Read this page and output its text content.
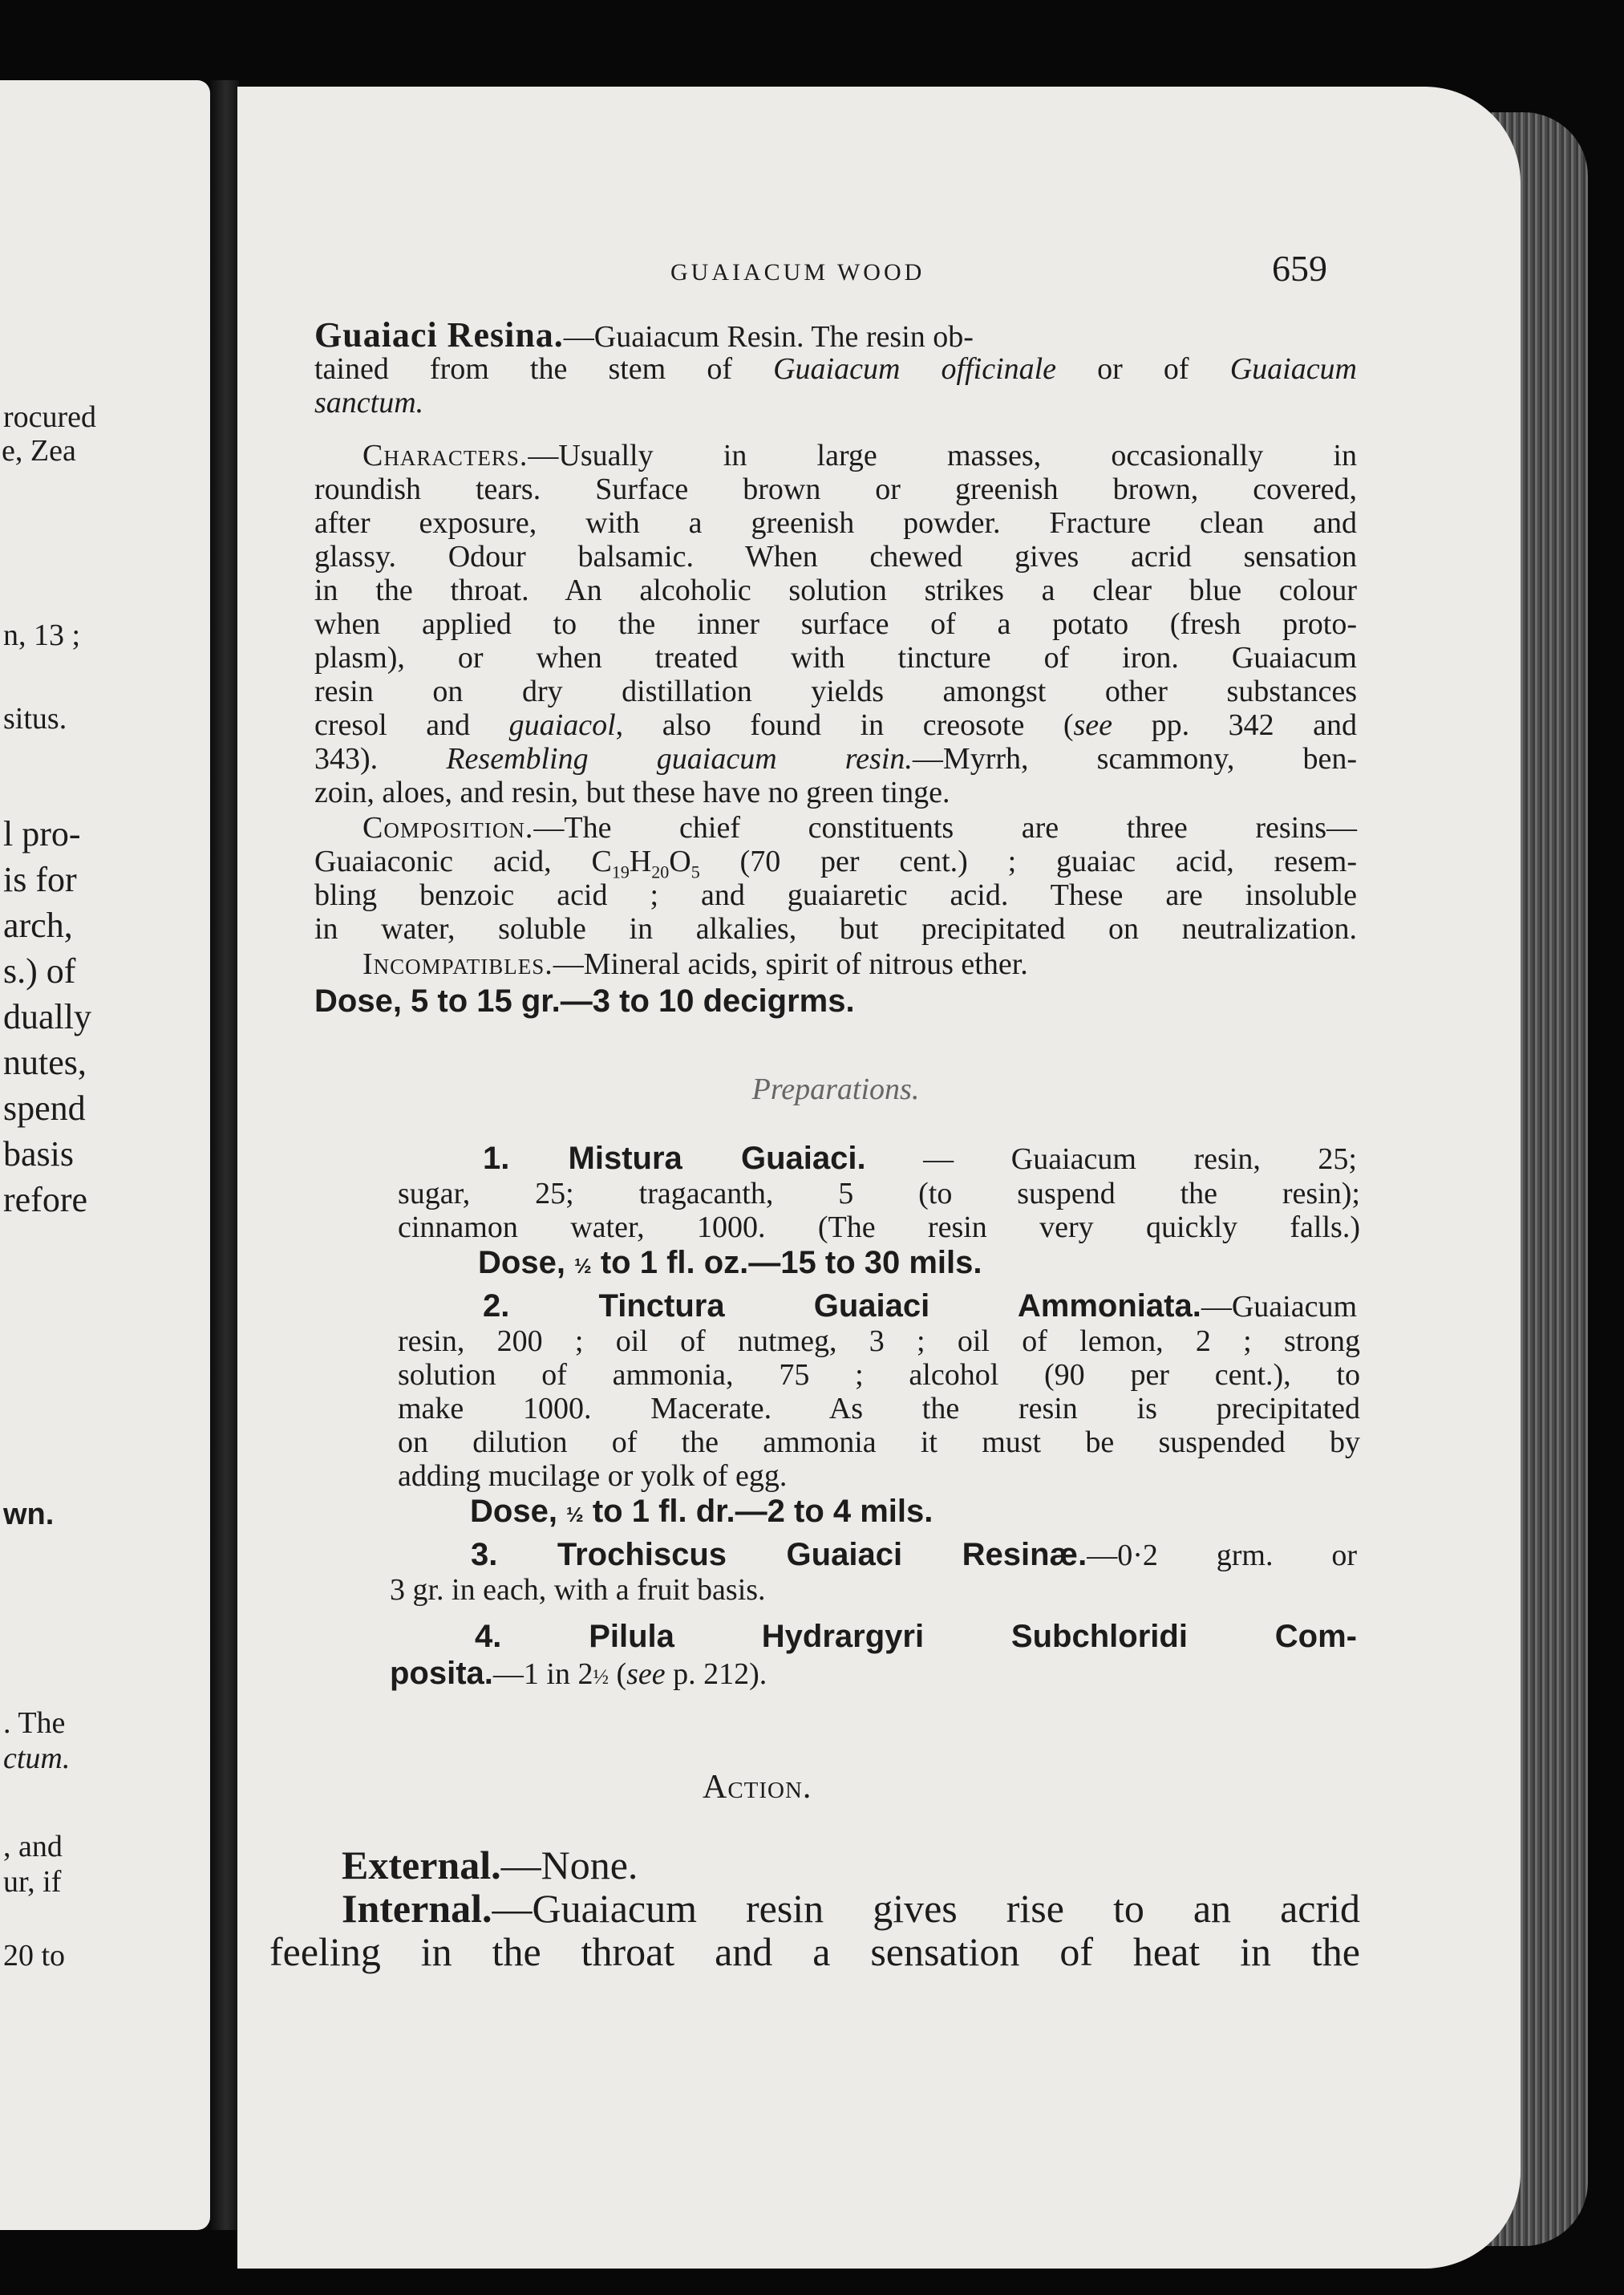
rocured
e, Zea
n, 13 ;
situs.
l pro-
is for
arch,
s.) of
dually
nutes,
spend
basis
refore
wn.
. The
ctum.
, and
ur, if
20 to
GUAIACUM WOOD	659
Guaiaci Resina.—Guaiacum Resin. The resin ob-
tained from the stem of Guaiacum officinale or of Guaiacum
sanctum.
Characters.—Usually in large masses, occasionally in
roundish tears. Surface brown or greenish brown, covered,
after exposure, with a greenish powder. Fracture clean and
glassy. Odour balsamic. When chewed gives acrid sensation
in the throat. An alcoholic solution strikes a clear blue colour
when applied to the inner surface of a potato (fresh proto-
plasm), or when treated with tincture of iron. Guaiacum
resin on dry distillation yields amongst other substances
cresol and guaiacol, also found in creosote (see pp. 342 and
343). Resembling guaiacum resin.—Myrrh, scammony, ben-
zoin, aloes, and resin, but these have no green tinge.
Composition.—The chief constituents are three resins—
Guaiaconic acid, $C_{19}H_{20}O_5$ (70 per cent.) ; guaiac acid, resem-
bling benzoic acid ; and guaiaretic acid. These are insoluble
in water, soluble in alkalies, but precipitated on neutralization.
Incompatibles.—Mineral acids, spirit of nitrous ether.
Dose, 5 to 15 gr.—3 to 10 decigrms.
Preparations.
1. Mistura Guaiaci. — Guaiacum resin, 25;
sugar, 25; tragacanth, 5 (to suspend the resin);
cinnamon water, 1000. (The resin very quickly falls.)
Dose, ½ to 1 fl. oz.—15 to 30 mils.
2. Tinctura Guaiaci Ammoniata.—Guaiacum
resin, 200 ; oil of nutmeg, 3 ; oil of lemon, 2 ; strong
solution of ammonia, 75 ; alcohol (90 per cent.), to
make 1000. Macerate. As the resin is precipitated
on dilution of the ammonia it must be suspended by
adding mucilage or yolk of egg.
Dose, ½ to 1 fl. dr.—2 to 4 mils.
3. Trochiscus Guaiaci Resinæ.—0·2 grm. or
3 gr. in each, with a fruit basis.
4. Pilula Hydrargyri Subchloridi Com-
posita.—1 in 2½ (see p. 212).
Action.
External.—None.
Internal.—Guaiacum resin gives rise to an acrid
feeling in the throat and a sensation of heat in the
